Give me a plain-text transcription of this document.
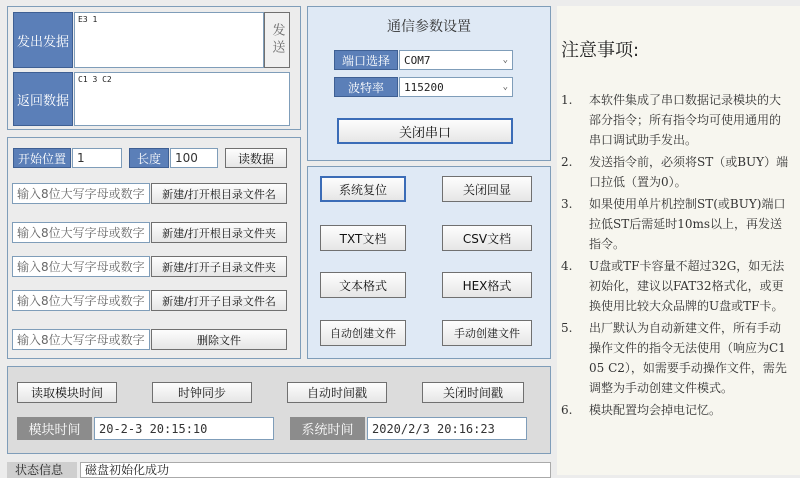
发出发据
E3 1
发送
返回数据
C1 3 C2
通信参数设置
端口选择	COM7	⌄
波特率	115200	⌄
关闭串口
开始位置 1	长度	100	读数据
输入8位大写字母或数字	新建/打开根目录文件名
输入8位大写字母或数字	新建/打开根目录文件夹
输入8位大写字母或数字	新建/打开子目录文件夹
输入8位大写字母或数字	新建/打开子目录文件名
输入8位大写字母或数字	删除文件
系统复位	关闭回显
TXT文档	CSV文档
文本格式	HEX格式
自动创建文件	手动创建文件
读取模块时间	时钟同步	自动时间戳	关闭时间戳
模块时间	20-2-3 20:15:10	系统时间	2020/2/3 20:16:23
状态信息	磁盘初始化成功
注意事项:
1.	本软件集成了串口数据记录模块的大部分指令；所有指令均可使用通用的串口调试助手发出。
2.	发送指令前，必须将ST（或BUY）端口拉低（置为0）。
3.	如果使用单片机控制ST(或BUY)端口拉低ST后需延时10ms以上，再发送指令。
4.	U盘或TF卡容量不超过32G，如无法初始化，建议以FAT32格式化，或更换使用比较大众品牌的U盘或TF卡。
5.	出厂默认为自动新建文件，所有手动操作文件的指令无法使用（响应为C1 05 C2），如需要手动操作文件，需先调整为手动创建文件模式。
6.	模块配置均会掉电记忆。
